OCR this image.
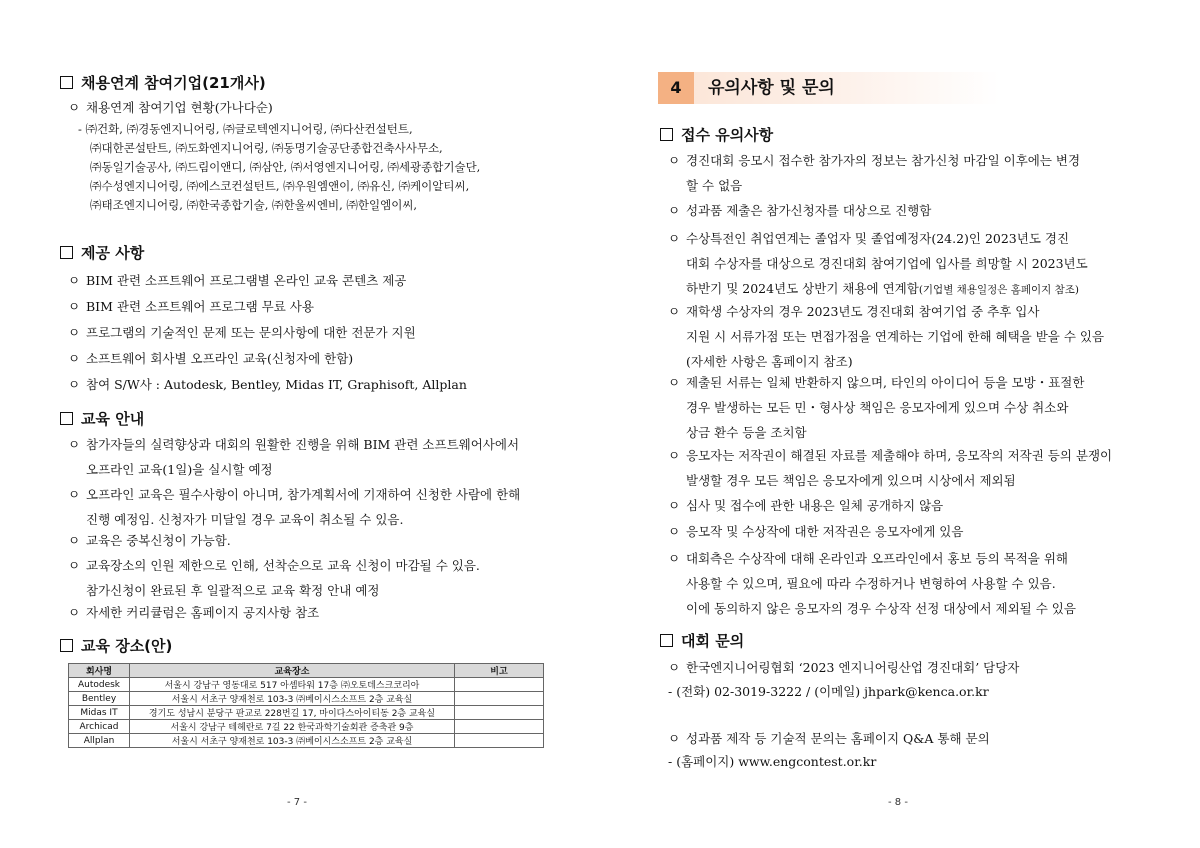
채용연계 참여기업(21개사)
ㅇ 채용연계 참여기업 현황(가나다순)
- ㈜건화, ㈜경동엔지니어링, ㈜글로텍엔지니어링, ㈜다산컨설턴트,
㈜대한콘설탄트, ㈜도화엔지니어링, ㈜동명기술공단종합건축사사무소,
㈜동일기술공사, ㈜드림이앤디, ㈜삼안, ㈜서영엔지니어링, ㈜세광종합기술단,
㈜수성엔지니어링, ㈜에스코컨설턴트, ㈜우원엠앤이, ㈜유신, ㈜케이알티씨,
㈜태조엔지니어링, ㈜한국종합기술, ㈜한울씨엔비, ㈜한일엠이씨,
제공 사항
ㅇ BIM 관련 소프트웨어 프로그램별 온라인 교육 콘텐츠 제공
ㅇ BIM 관련 소프트웨어 프로그램 무료 사용
ㅇ 프로그램의 기술적인 문제 또는 문의사항에 대한 전문가 지원
ㅇ 소프트웨어 회사별 오프라인 교육(신청자에 한함)
ㅇ 참여 S/W사 : Autodesk, Bentley, Midas IT, Graphisoft, Allplan
교육 안내
ㅇ 참가자들의 실력향상과 대회의 원활한 진행을 위해 BIM 관련 소프트웨어사에서
오프라인 교육(1일)을 실시할 예정
ㅇ 오프라인 교육은 필수사항이 아니며, 참가계획서에 기재하여 신청한 사람에 한해
진행 예정임. 신청자가 미달일 경우 교육이 취소될 수 있음.
ㅇ 교육은 중복신청이 가능함.
ㅇ 교육장소의 인원 제한으로 인해, 선착순으로 교육 신청이 마감될 수 있음.
참가신청이 완료된 후 일괄적으로 교육 확정 안내 예정
ㅇ 자세한 커리큘럼은 홈페이지 공지사항 참조
교육 장소(안)
회사명	교육장소	비고
Autodesk	서울시 강남구 영동대로 517 아셈타워 17층 ㈜오토데스크코리아	
Bentley	서울시 서초구 양재천로 103-3 ㈜베이시스소프트 2층 교육실	
Midas IT	경기도 성남시 분당구 판교로 228번길 17, 마이다스아이티동 2층 교육실	
Archicad	서울시 강남구 테헤란로 7길 22 한국과학기술회관 증축관 9층	
Allplan	서울시 서초구 양재천로 103-3 ㈜베이시스소프트 2층 교육실	
- 7 -
4	유의사항 및 문의
접수 유의사항
ㅇ 경진대회 응모시 접수한 참가자의 정보는 참가신청 마감일 이후에는 변경
할 수 없음
ㅇ 성과품 제출은 참가신청자를 대상으로 진행함
ㅇ 수상특전인 취업연계는 졸업자 및 졸업예정자(24.2)인 2023년도 경진
대회 수상자를 대상으로 경진대회 참여기업에 입사를 희망할 시 2023년도
하반기 및 2024년도 상반기 채용에 연계함(기업별 채용일정은 홈페이지 참조)
ㅇ 재학생 수상자의 경우 2023년도 경진대회 참여기업 중 추후 입사
지원 시 서류가점 또는 면접가점을 연계하는 기업에 한해 혜택을 받을 수 있음
(자세한 사항은 홈페이지 참조)
ㅇ 제출된 서류는 일체 반환하지 않으며, 타인의 아이디어 등을 모방・표절한
경우 발생하는 모든 민・형사상 책임은 응모자에게 있으며 수상 취소와
상금 환수 등을 조치함
ㅇ 응모자는 저작권이 해결된 자료를 제출해야 하며, 응모작의 저작권 등의 분쟁이
발생할 경우 모든 책임은 응모자에게 있으며 시상에서 제외됨
ㅇ 심사 및 접수에 관한 내용은 일체 공개하지 않음
ㅇ 응모작 및 수상작에 대한 저작권은 응모자에게 있음
ㅇ 대회측은 수상작에 대해 온라인과 오프라인에서 홍보 등의 목적을 위해
사용할 수 있으며, 필요에 따라 수정하거나 변형하여 사용할 수 있음.
이에 동의하지 않은 응모자의 경우 수상작 선정 대상에서 제외될 수 있음
대회 문의
ㅇ 한국엔지니어링협회 ‘2023 엔지니어링산업 경진대회’ 담당자
- (전화) 02-3019-3222 / (이메일) jhpark@kenca.or.kr
ㅇ 성과품 제작 등 기술적 문의는 홈페이지 Q&A 통해 문의
- (홈페이지) www.engcontest.or.kr
- 8 -
